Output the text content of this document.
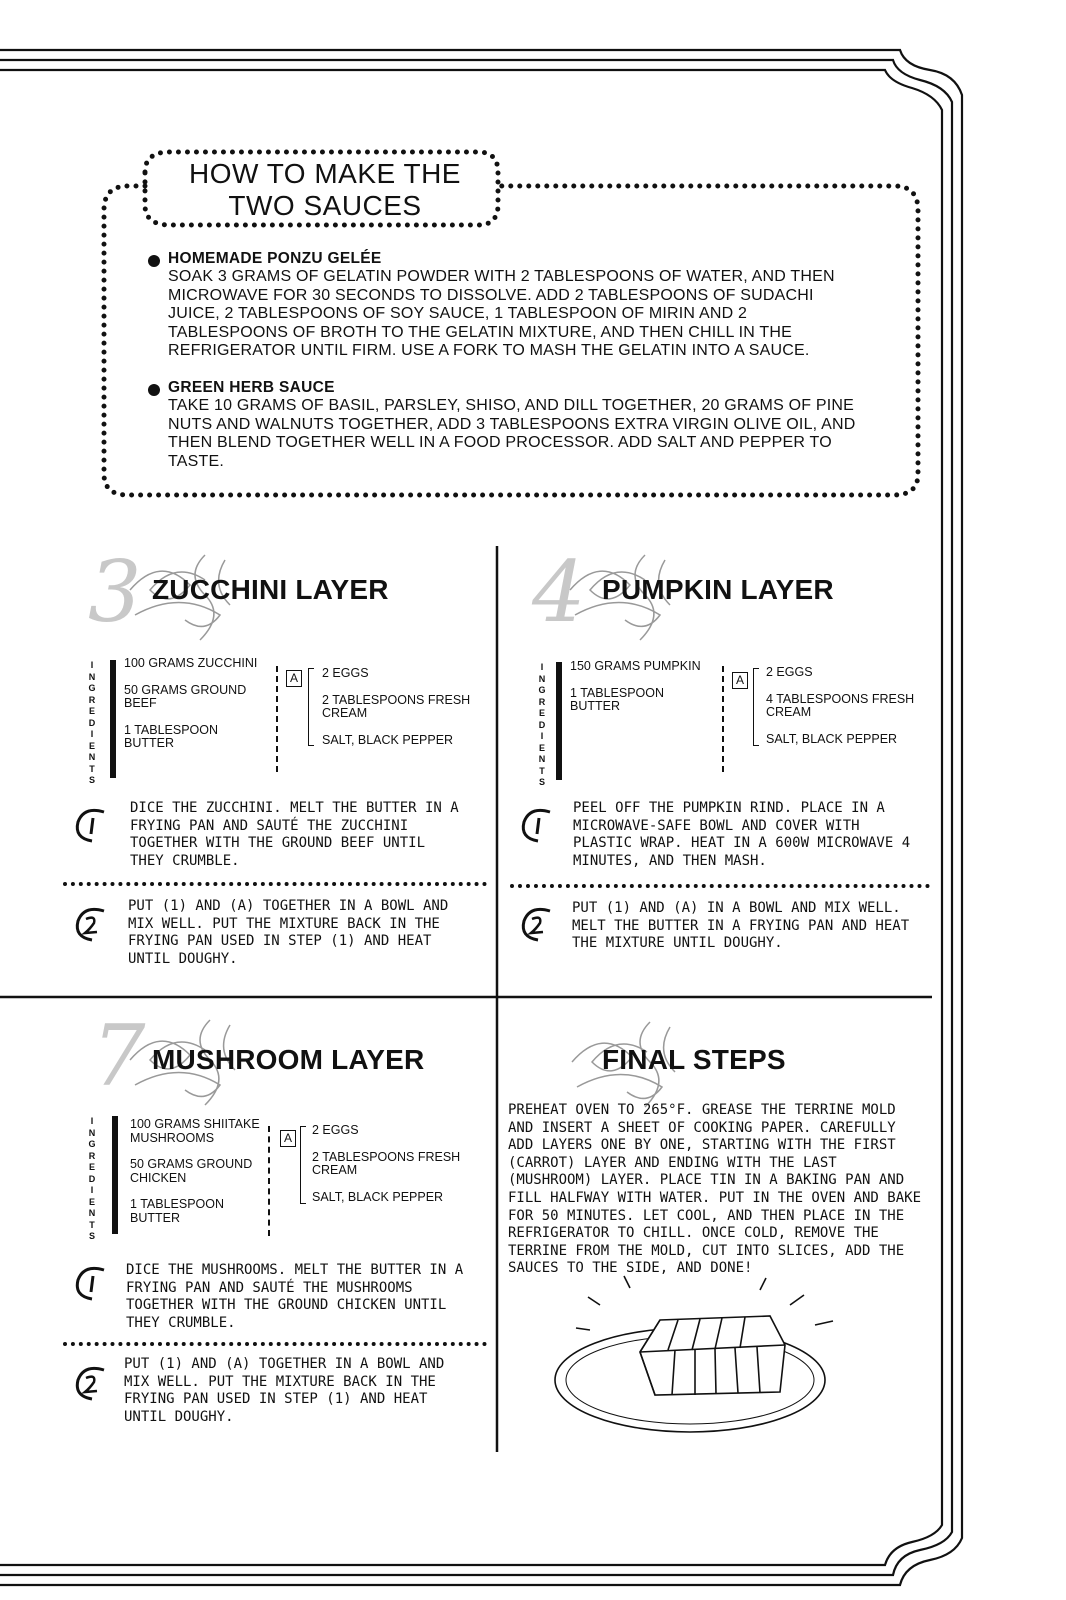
HOW TO MAKE THE
TWO SAUCES
HOMEMADE PONZU GELÉE
SOAK 3 GRAMS OF GELATIN POWDER WITH 2 TABLESPOONS OF WATER, AND THEN MICROWAVE FOR 30 SECONDS TO DISSOLVE. ADD 2 TABLESPOONS OF SUDACHI JUICE, 2 TABLESPOONS OF SOY SAUCE, 1 TABLESPOON OF MIRIN AND 2 TABLESPOONS OF BROTH TO THE GELATIN MIXTURE, AND THEN CHILL IN THE REFRIGERATOR UNTIL FIRM. USE A FORK TO MASH THE GELATIN INTO A SAUCE.
GREEN HERB SAUCE
TAKE 10 GRAMS OF BASIL, PARSLEY, SHISO, AND DILL TOGETHER, 20 GRAMS OF PINE NUTS AND WALNUTS TOGETHER, ADD 3 TABLESPOONS EXTRA VIRGIN OLIVE OIL, AND THEN BLEND TOGETHER WELL IN A FOOD PROCESSOR. ADD SALT AND PEPPER TO TASTE.
3 ZUCCHINI LAYER
I
N
G
R
E
D
I
E
N
T
S
100 GRAMS ZUCCHINI
50 GRAMS GROUND BEEF
1 TABLESPOON BUTTER
A	2 EGGS
2 TABLESPOONS FRESH CREAM
SALT, BLACK PEPPER
DICE THE ZUCCHINI. MELT THE BUTTER IN A FRYING PAN AND SAUTÉ THE ZUCCHINI TOGETHER WITH THE GROUND BEEF UNTIL THEY CRUMBLE.
PUT (1) AND (A) TOGETHER IN A BOWL AND MIX WELL. PUT THE MIXTURE BACK IN THE FRYING PAN USED IN STEP (1) AND HEAT UNTIL DOUGHY.
4 PUMPKIN LAYER
I
N
G
R
E
D
I
E
N
T
S
150 GRAMS PUMPKIN
1 TABLESPOON BUTTER
A
2 EGGS
4 TABLESPOONS FRESH CREAM
SALT, BLACK PEPPER
PEEL OFF THE PUMPKIN RIND. PLACE IN A MICROWAVE-SAFE BOWL AND COVER WITH PLASTIC WRAP. HEAT IN A 600W MICROWAVE 4 MINUTES, AND THEN MASH.
PUT (1) AND (A) IN A BOWL AND MIX WELL. MELT THE BUTTER IN A FRYING PAN AND HEAT THE MIXTURE UNTIL DOUGHY.
7 MUSHROOM LAYER
I
N
G
R
E
D
I
E
N
T
S
100 GRAMS SHIITAKE MUSHROOMS
50 GRAMS GROUND CHICKEN
1 TABLESPOON BUTTER
A
2 EGGS
2 TABLESPOONS FRESH CREAM
SALT, BLACK PEPPER
DICE THE MUSHROOMS. MELT THE BUTTER IN A FRYING PAN AND SAUTÉ THE MUSHROOMS TOGETHER WITH THE GROUND CHICKEN UNTIL THEY CRUMBLE.
PUT (1) AND (A) TOGETHER IN A BOWL AND MIX WELL. PUT THE MIXTURE BACK IN THE FRYING PAN USED IN STEP (1) AND HEAT UNTIL DOUGHY.
FINAL STEPS
PREHEAT OVEN TO 265°F. GREASE THE TERRINE MOLD AND INSERT A SHEET OF COOKING PAPER. CAREFULLY ADD LAYERS ONE BY ONE, STARTING WITH THE FIRST (CARROT) LAYER AND ENDING WITH THE LAST (MUSHROOM) LAYER. PLACE TIN IN A BAKING PAN AND FILL HALFWAY WITH WATER. PUT IN THE OVEN AND BAKE FOR 50 MINUTES. LET COOL, AND THEN PLACE IN THE REFRIGERATOR TO CHILL. ONCE COLD, REMOVE THE TERRINE FROM THE MOLD, CUT INTO SLICES, ADD THE SAUCES TO THE SIDE, AND DONE!
